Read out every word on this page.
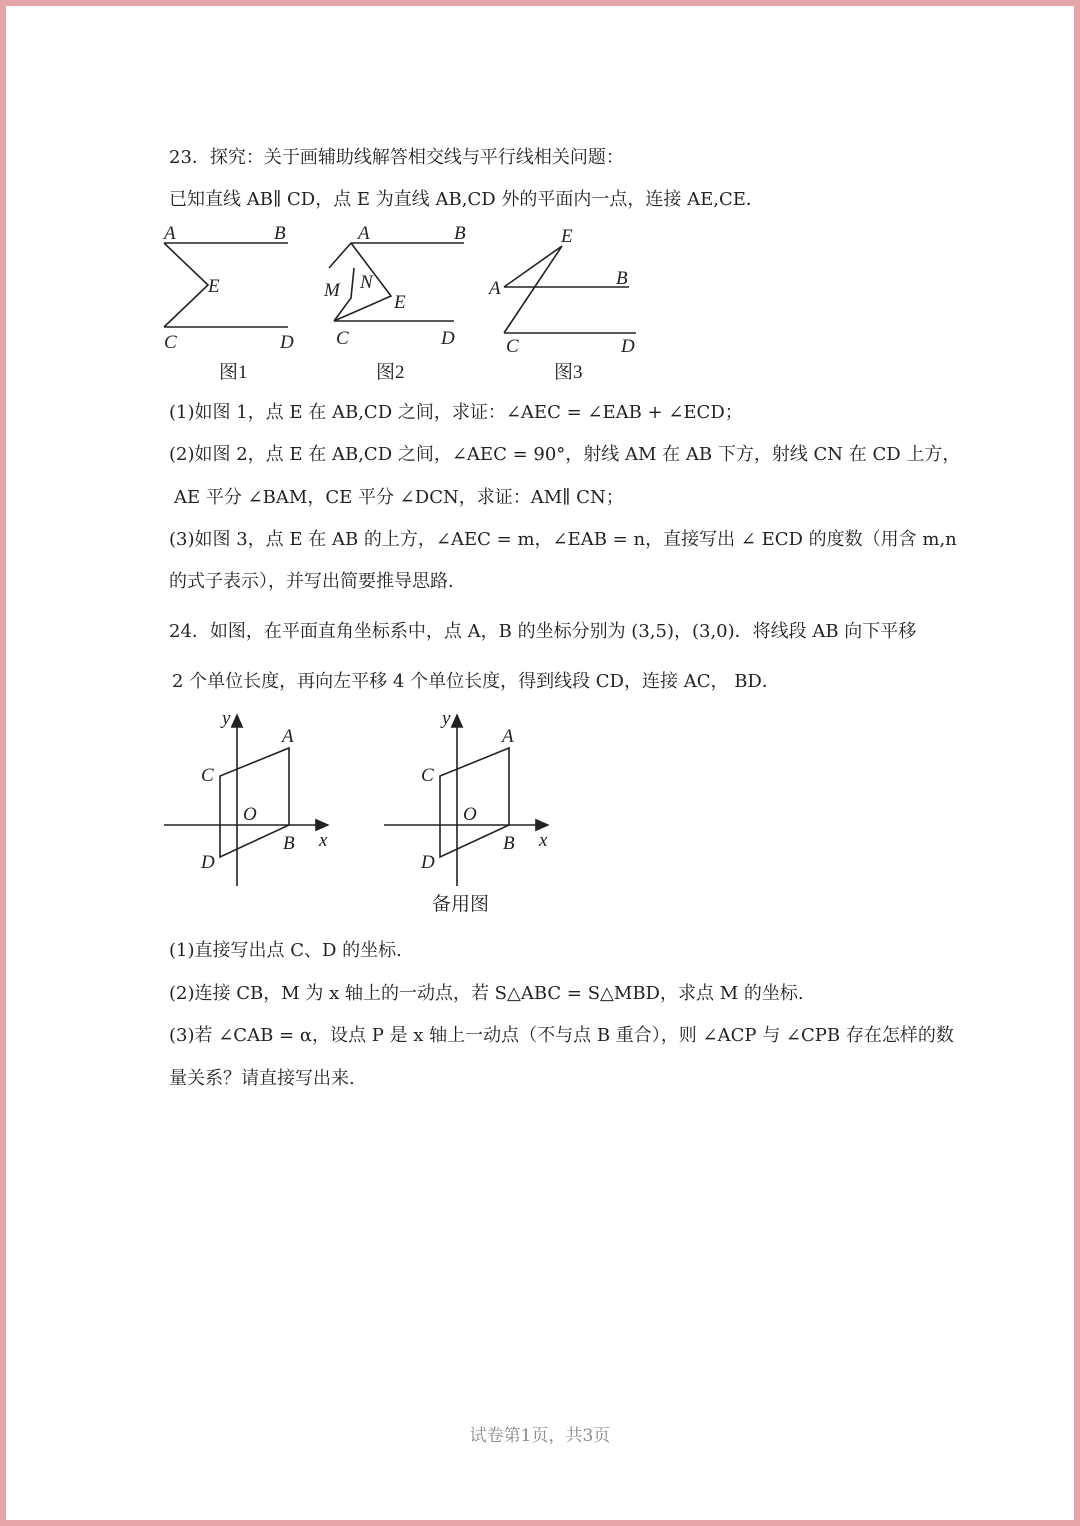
23．探究：关于画辅助线解答相交线与平行线相关问题：
已知直线 AB∥ CD，点 E 为直线 AB,CD 外的平面内一点，连接 AE,CE．
A	B
E
C	D
图1
A	B
M N
E
C	D
图2
E
A	B
C	D
图3
(1)如图 1，点 E 在 AB,CD 之间，求证：∠AEC = ∠EAB + ∠ECD；
(2)如图 2，点 E 在 AB,CD 之间，∠AEC = 90°，射线 AM 在 AB 下方，射线 CN 在 CD 上方，
AE 平分 ∠BAM，CE 平分 ∠DCN，求证：AM∥ CN；
(3)如图 3，点 E 在 AB 的上方，∠AEC = m，∠EAB = n，直接写出 ∠ ECD 的度数（用含 m,n
的式子表示），并写出简要推导思路.
24．如图，在平面直角坐标系中，点 A，B 的坐标分别为 (3,5)，(3,0)．将线段 AB 向下平移
2 个单位长度，再向左平移 4 个单位长度，得到线段 CD，连接 AC， BD．
y
x
O
A
B
C
D
y
x
O
A
B
C
D
备用图
(1)直接写出点 C、D 的坐标.
(2)连接 CB，M 为 x 轴上的一动点，若 S△ABC = S△MBD，求点 M 的坐标.
(3)若 ∠CAB = α，设点 P 是 x 轴上一动点（不与点 B 重合），则 ∠ACP 与 ∠CPB 存在怎样的数
量关系？请直接写出来.
试卷第1页，共3页
